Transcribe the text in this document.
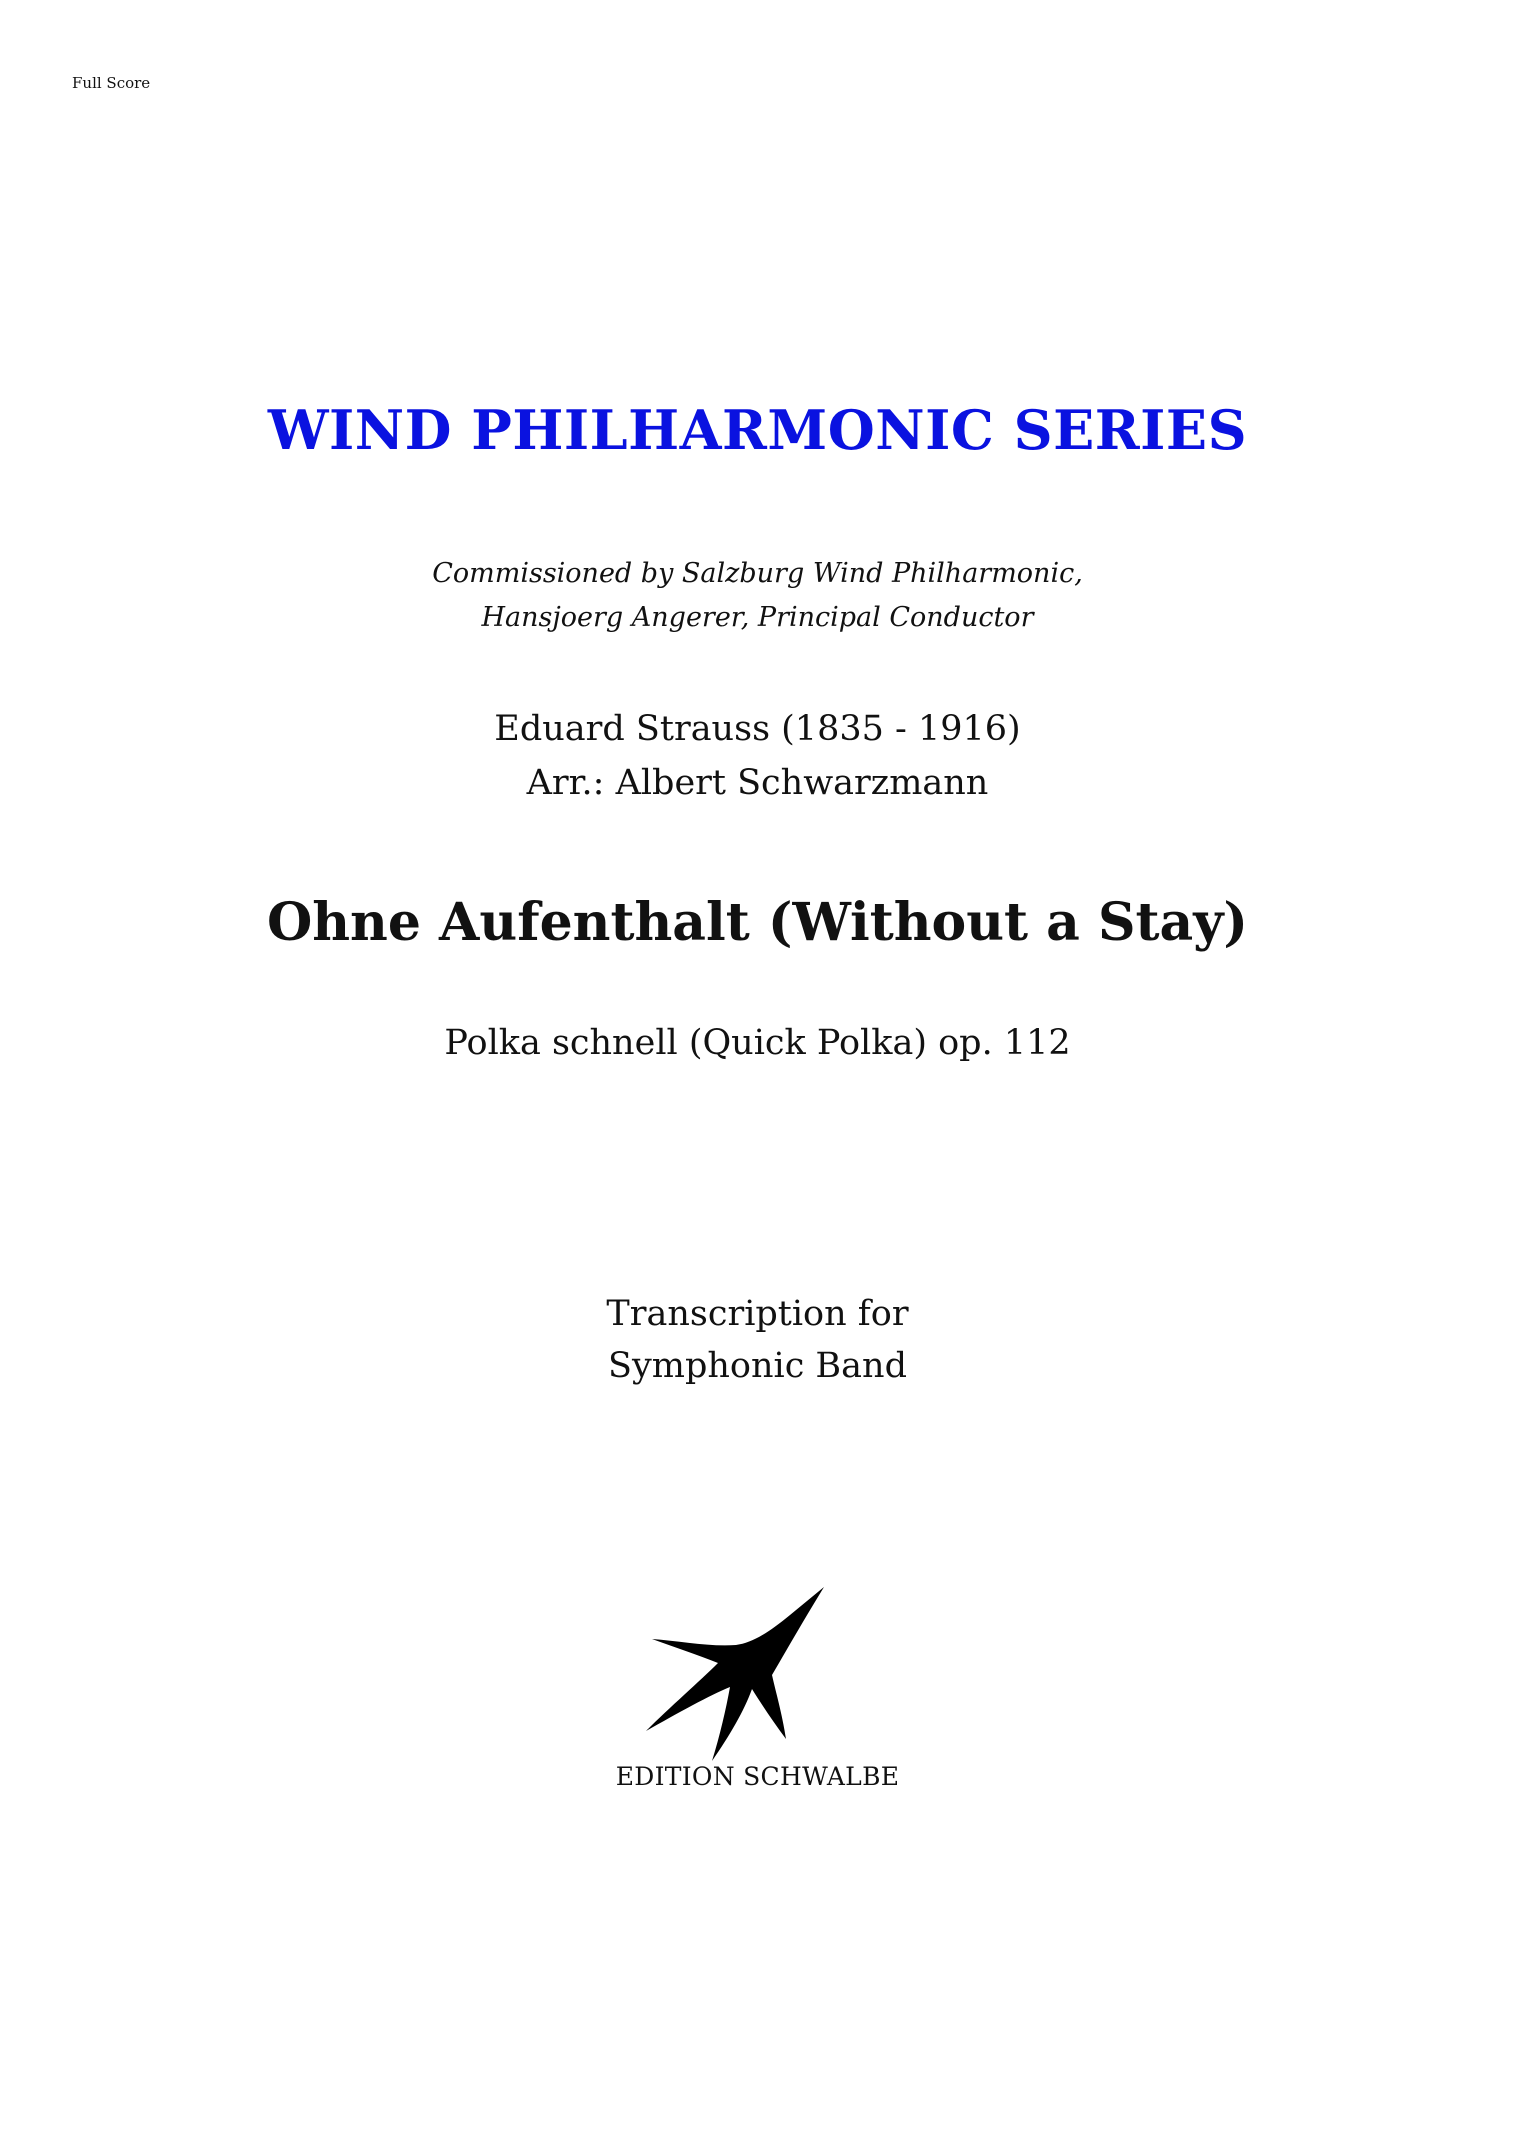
Full Score
WIND PHILHARMONIC SERIES
Commissioned by Salzburg Wind Philharmonic,
Hansjoerg Angerer, Principal Conductor
Eduard Strauss (1835 - 1916)
Arr.: Albert Schwarzmann
Ohne Aufenthalt (Without a Stay)
Polka schnell (Quick Polka) op. 112
Transcription for
Symphonic Band
EDITION SCHWALBE
